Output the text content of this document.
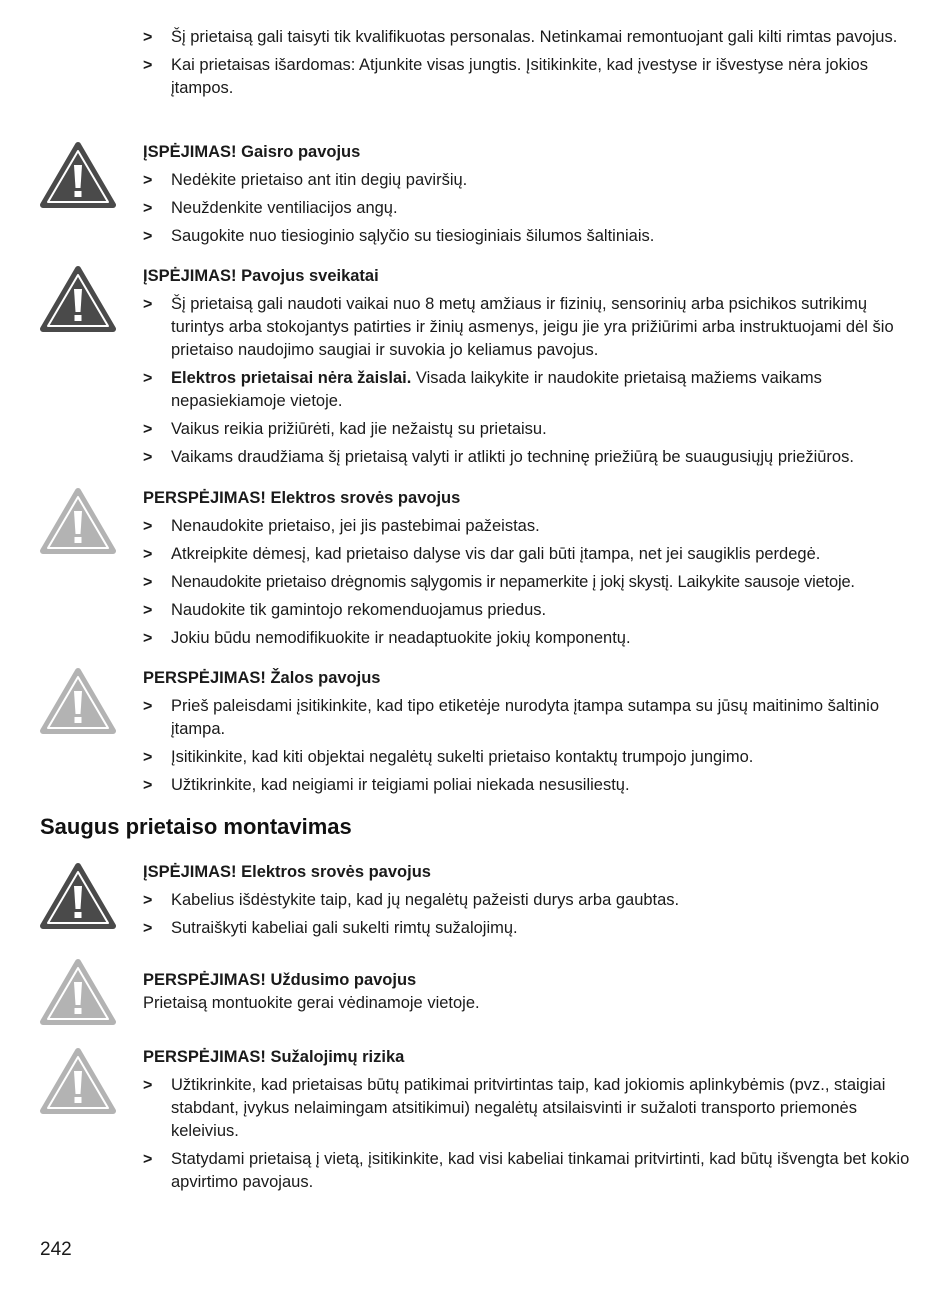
> Šį prietaisą gali taisyti tik kvalifikuotas personalas. Netinkamai remontuojant gali kilti rimtas pavojus.
> Kai prietaisas išardomas: Atjunkite visas jungtis. Įsitikinkite, kad įvestyse ir išvestyse nėra jokios įtampos.
ĮSPĖJIMAS! Gaisro pavojus
> Nedėkite prietaiso ant itin degių paviršių.
> Neuždenkite ventiliacijos angų.
> Saugokite nuo tiesioginio sąlyčio su tiesioginiais šilumos šaltiniais.
ĮSPĖJIMAS! Pavojus sveikatai
> Šį prietaisą gali naudoti vaikai nuo 8 metų amžiaus ir fizinių, sensorinių arba psichikos sutrikimų turintys arba stokojantys patirties ir žinių asmenys, jeigu jie yra prižiūrimi arba instruktuojami dėl šio prietaiso naudojimo saugiai ir suvokia jo keliamus pavojus.
> Elektros prietaisai nėra žaislai. Visada laikykite ir naudokite prietaisą mažiems vaikams nepasiekiamoje vietoje.
> Vaikus reikia prižiūrėti, kad jie nežaistų su prietaisu.
> Vaikams draudžiama šį prietaisą valyti ir atlikti jo techninę priežiūrą be suaugusiųjų priežiūros.
PERSPĖJIMAS! Elektros srovės pavojus
> Nenaudokite prietaiso, jei jis pastebimai pažeistas.
> Atkreipkite dėmesį, kad prietaiso dalyse vis dar gali būti įtampa, net jei saugiklis perdegė.
> Nenaudokite prietaiso drėgnomis sąlygomis ir nepamerkite į jokį skystį. Laikykite sausoje vietoje.
> Naudokite tik gamintojo rekomenduojamus priedus.
> Jokiu būdu nemodifikuokite ir neadaptuokite jokių komponentų.
PERSPĖJIMAS! Žalos pavojus
> Prieš paleisdami įsitikinkite, kad tipo etiketėje nurodyta įtampa sutampa su jūsų maitinimo šaltinio įtampa.
> Įsitikinkite, kad kiti objektai negalėtų sukelti prietaiso kontaktų trumpojo jungimo.
> Užtikrinkite, kad neigiami ir teigiami poliai niekada nesusiliestų.
Saugus prietaiso montavimas
ĮSPĖJIMAS! Elektros srovės pavojus
> Kabelius išdėstykite taip, kad jų negalėtų pažeisti durys arba gaubtas.
> Sutraiškyti kabeliai gali sukelti rimtų sužalojimų.
PERSPĖJIMAS! Uždusimo pavojus

Prietaisą montuokite gerai vėdinamoje vietoje.

PERSPĖJIMAS! Sužalojimų rizika
> Užtikrinkite, kad prietaisas būtų patikimai pritvirtintas taip, kad jokiomis aplinkybėmis (pvz., staigiai stabdant, įvykus nelaimingam atsitikimui) negalėtų atsilaisvinti ir sužaloti transporto priemonės keleivius.
> Statydami prietaisą į vietą, įsitikinkite, kad visi kabeliai tinkamai pritvirtinti, kad būtų išvengta bet kokio apvirtimo pavojaus.
242
